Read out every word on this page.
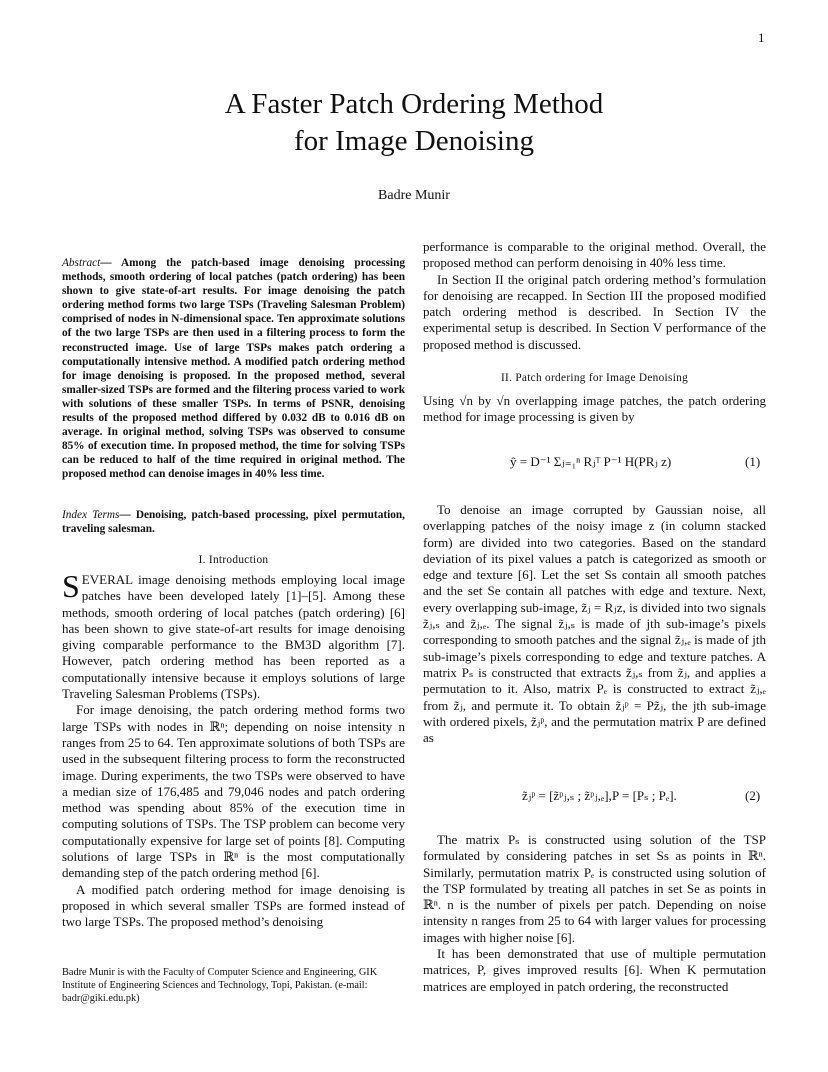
1
A Faster Patch Ordering Method
for Image Denoising
Badre Munir
Abstract— Among the patch-based image denoising processing methods, smooth ordering of local patches (patch ordering) has been shown to give state-of-art results. For image denoising the patch ordering method forms two large TSPs (Traveling Salesman Problem) comprised of nodes in N-dimensional space. Ten approximate solutions of the two large TSPs are then used in a filtering process to form the reconstructed image. Use of large TSPs makes patch ordering a computationally intensive method. A modified patch ordering method for image denoising is proposed. In the proposed method, several smaller-sized TSPs are formed and the filtering process varied to work with solutions of these smaller TSPs. In terms of PSNR, denoising results of the proposed method differed by 0.032 dB to 0.016 dB on average. In original method, solving TSPs was observed to consume 85% of execution time. In proposed method, the time for solving TSPs can be reduced to half of the time required in original method. The proposed method can denoise images in 40% less time.
Index Terms— Denoising, patch-based processing, pixel permutation, traveling salesman.
I. Introduction

SEVERAL image denoising methods employing local image patches have been developed lately [1]–[5]. Among these methods, smooth ordering of local patches (patch ordering) [6] has been shown to give state-of-art results for image denoising giving comparable performance to the BM3D algorithm [7]. However, patch ordering method has been reported as a computationally intensive because it employs solutions of large Traveling Salesman Problems (TSPs).

For image denoising, the patch ordering method forms two large TSPs with nodes in ℝⁿ; depending on noise intensity n ranges from 25 to 64. Ten approximate solutions of both TSPs are used in the subsequent filtering process to form the reconstructed image. During experiments, the two TSPs were observed to have a median size of 176,485 and 79,046 nodes and patch ordering method was spending about 85% of the execution time in computing solutions of TSPs. The TSP problem can become very computationally expensive for large set of points [8]. Computing solutions of large TSPs in ℝⁿ is the most computationally demanding step of the patch ordering method [6].

A modified patch ordering method for image denoising is proposed in which several smaller TSPs are formed instead of two large TSPs. The proposed method’s denoising

Badre Munir is with the Faculty of Computer Science and Engineering, GIK Institute of Engineering Sciences and Technology, Topi, Pakistan. (e-mail: badr@giki.edu.pk)

performance is comparable to the original method. Overall, the proposed method can perform denoising in 40% less time.

In Section II the original patch ordering method’s formulation for denoising are recapped. In Section III the proposed modified patch ordering method is described. In Section IV the experimental setup is described. In Section V performance of the proposed method is discussed.

II. Patch ordering for Image Denoising

Using √n by √n overlapping image patches, the patch ordering method for image processing is given by

ŷ = D⁻¹ Σⱼ₌₁ⁿ Rⱼᵀ P⁻¹ H(PRⱼ z)	(1)

To denoise an image corrupted by Gaussian noise, all overlapping patches of the noisy image z (in column stacked form) are divided into two categories. Based on the standard deviation of its pixel values a patch is categorized as smooth or edge and texture [6]. Let the set Ss contain all smooth patches and the set Se contain all patches with edge and texture. Next, every overlapping sub-image, z̃ⱼ = Rⱼz, is divided into two signals z̃ⱼ,ₛ and z̃ⱼ,ₑ. The signal z̃ⱼ,ₛ is made of jth sub-image’s pixels corresponding to smooth patches and the signal z̃ⱼ,ₑ is made of jth sub-image’s pixels corresponding to edge and texture patches. A matrix Pₛ is constructed that extracts z̃ⱼ,ₛ from z̃ⱼ, and applies a permutation to it. Also, matrix Pₑ is constructed to extract z̃ⱼ,ₑ from z̃ⱼ, and permute it. To obtain z̃ⱼᵖ = Pz̃ⱼ, the jth sub-image with ordered pixels, z̃ⱼᵖ, and the permutation matrix P are defined as

z̃ⱼᵖ = [z̃ᵖⱼ,ₛ ; z̃ᵖⱼ,ₑ], P = [Pₛ ; Pₑ].	(2)

The matrix Pₛ is constructed using solution of the TSP formulated by considering patches in set Ss as points in ℝⁿ. Similarly, permutation matrix Pₑ is constructed using solution of the TSP formulated by treating all patches in set Se as points in ℝⁿ. n is the number of pixels per patch. Depending on noise intensity n ranges from 25 to 64 with larger values for processing images with higher noise [6].

It has been demonstrated that use of multiple permutation matrices, P, gives improved results [6]. When K permutation matrices are employed in patch ordering, the reconstructed
